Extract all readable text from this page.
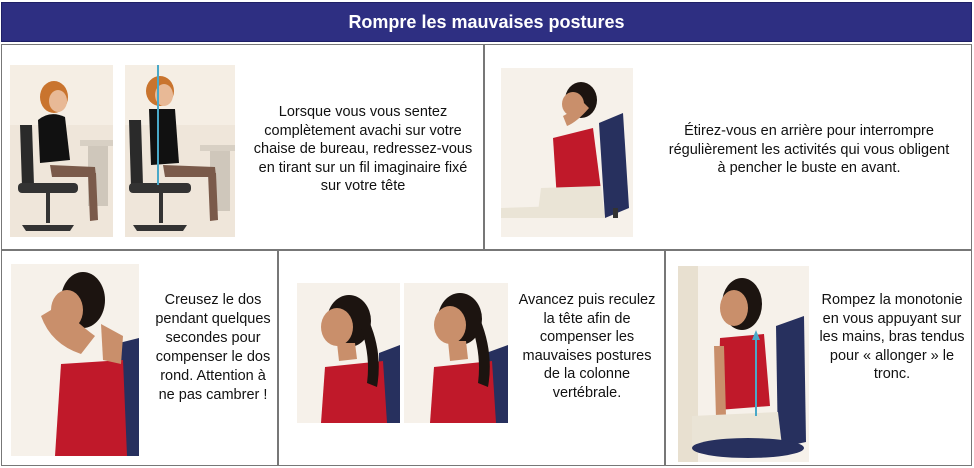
Rompre les mauvaises postures
Lorsque vous vous sentez complètement avachi sur votre chaise de bureau, redressez-vous en tirant sur un fil imaginaire fixé sur votre tête
Étirez-vous en arrière pour interrompre régulièrement les activités qui vous obligent à pencher le buste en avant.
Creusez le dos pendant quelques secondes pour compenser le dos rond. Attention à ne pas cambrer !
Avancez puis reculez la tête afin de compenser les mauvaises postures de la colonne vertébrale.
Rompez la monotonie en vous appuyant sur les mains, bras tendus pour « allonger » le tronc.
